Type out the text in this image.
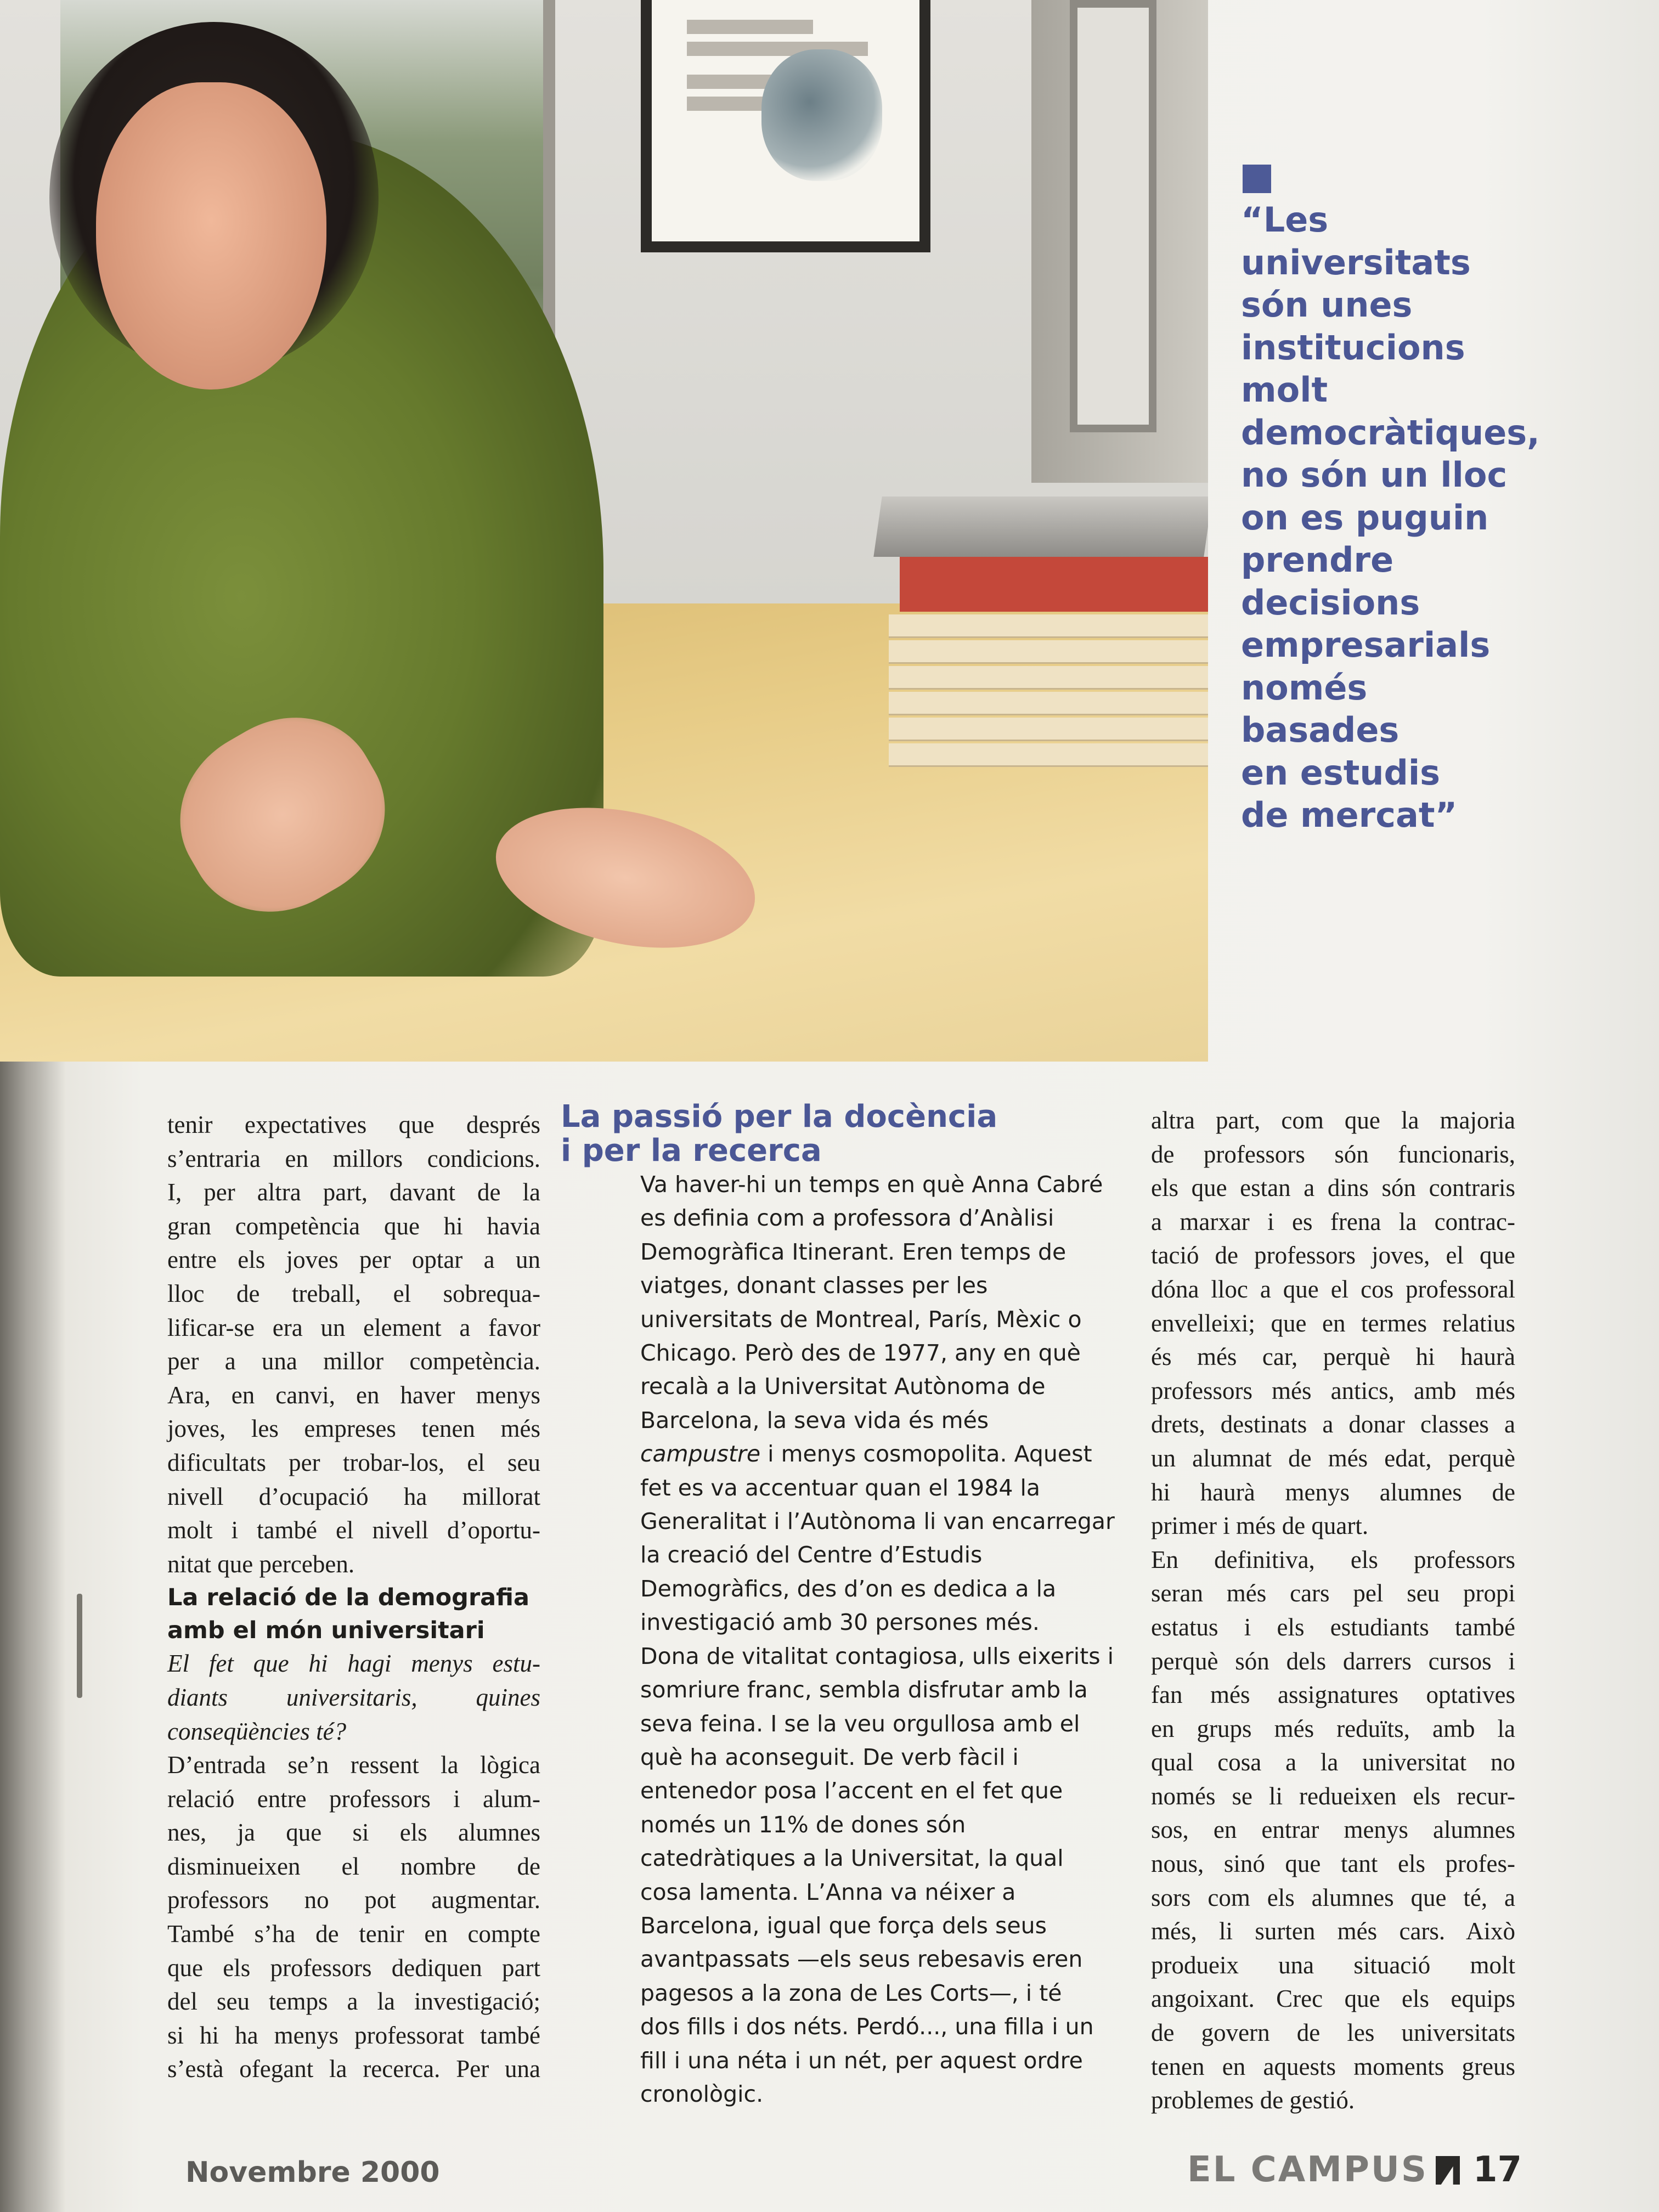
“Les
universitats
són unes
institucions
molt
democràtiques,
no són un lloc
on es puguin
prendre
decisions
empresarials
només
basades
en estudis
de mercat”

tenir expectatives que després
s’entraria en millors condicions.
I, per altra part, davant de la
gran competència que hi havia
entre els joves per optar a un
lloc de treball, el sobrequa-
lificar-se era un element a favor
per a una millor competència.
Ara, en canvi, en haver menys
joves, les empreses tenen més
dificultats per trobar-los, el seu
nivell d’ocupació ha millorat
molt i també el nivell d’oportu-
nitat que perceben.

La relació de la demografia
amb el món universitari

El fet que hi hagi menys estu-
diants universitaris, quines
conseqüències té?

D’entrada se’n ressent la lògica
relació entre professors i alum-
nes, ja que si els alumnes
disminueixen el nombre de
professors no pot augmentar.
També s’ha de tenir en compte
que els professors dediquen part
del seu temps a la investigació;
si hi ha menys professorat també
s’està ofegant la recerca. Per una

La passió per la docència
i per la recerca

Va haver-hi un temps en què Anna Cabré
es definia com a professora d’Anàlisi
Demogràfica Itinerant. Eren temps de
viatges, donant classes per les
universitats de Montreal, París, Mèxic o
Chicago. Però des de 1977, any en què
recalà a la Universitat Autònoma de
Barcelona, la seva vida és més
campustre i menys cosmopolita. Aquest
fet es va accentuar quan el 1984 la
Generalitat i l’Autònoma li van encarregar
la creació del Centre d’Estudis
Demogràfics, des d’on es dedica a la
investigació amb 30 persones més.
Dona de vitalitat contagiosa, ulls eixerits i
somriure franc, sembla disfrutar amb la
seva feina. I se la veu orgullosa amb el
què ha aconseguit. De verb fàcil i
entenedor posa l’accent en el fet que
només un 11% de dones són
catedràtiques a la Universitat, la qual
cosa lamenta. L’Anna va néixer a
Barcelona, igual que força dels seus
avantpassats —els seus rebesavis eren
pagesos a la zona de Les Corts—, i té
dos fills i dos néts. Perdó..., una filla i un
fill i una néta i un nét, per aquest ordre
cronològic.

altra part, com que la majoria
de professors són funcionaris,
els que estan a dins són contraris
a marxar i es frena la contrac-
tació de professors joves, el que
dóna lloc a que el cos professoral
envelleixi; que en termes relatius
és més car, perquè hi haurà
professors més antics, amb més
drets, destinats a donar classes a
un alumnat de més edat, perquè
hi haurà menys alumnes de
primer i més de quart.

En definitiva, els professors
seran més cars pel seu propi
estatus i els estudiants també
perquè són dels darrers cursos i
fan més assignatures optatives
en grups més reduïts, amb la
qual cosa a la universitat no
només se li redueixen els recur-
sos, en entrar menys alumnes
nous, sinó que tant els profes-
sors com els alumnes que té, a
més, li surten més cars. Això
produeix una situació molt
angoixant. Crec que els equips
de govern de les universitats
tenen en aquests moments greus
problemes de gestió.

Novembre 2000	EL CAMPUS 17
